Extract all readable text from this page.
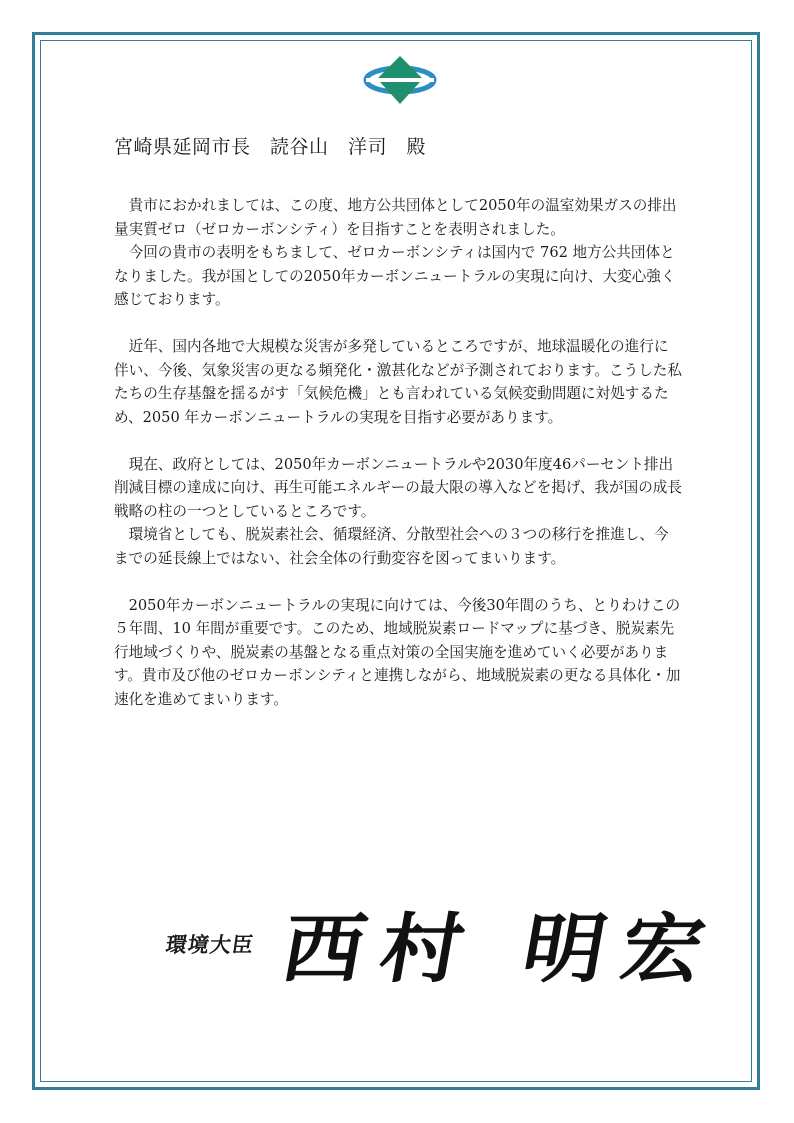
宮崎県延岡市長　読谷山　洋司　殿

貴市におかれましては、この度、地方公共団体として2050年の温室効果ガスの排出量実質ゼロ（ゼロカーボンシティ）を目指すことを表明されました。

今回の貴市の表明をもちまして、ゼロカーボンシティは国内で 762 地方公共団体となりました。我が国としての2050年カーボンニュートラルの実現に向け、大変心強く感じております。

近年、国内各地で大規模な災害が多発しているところですが、地球温暖化の進行に伴い、今後、気象災害の更なる頻発化・激甚化などが予測されております。こうした私たちの生存基盤を揺るがす「気候危機」とも言われている気候変動問題に対処するため、2050 年カーボンニュートラルの実現を目指す必要があります。

現在、政府としては、2050年カーボンニュートラルや2030年度46パーセント排出削減目標の達成に向け、再生可能エネルギーの最大限の導入などを掲げ、我が国の成長戦略の柱の一つとしているところです。

環境省としても、脱炭素社会、循環経済、分散型社会への３つの移行を推進し、今までの延長線上ではない、社会全体の行動変容を図ってまいります。

2050年カーボンニュートラルの実現に向けては、今後30年間のうち、とりわけこの５年間、10 年間が重要です。このため、地域脱炭素ロードマップに基づき、脱炭素先行地域づくりや、脱炭素の基盤となる重点対策の全国実施を進めていく必要があります。貴市及び他のゼロカーボンシティと連携しながら、地域脱炭素の更なる具体化・加速化を進めてまいります。

環境大臣 西村 明宏
